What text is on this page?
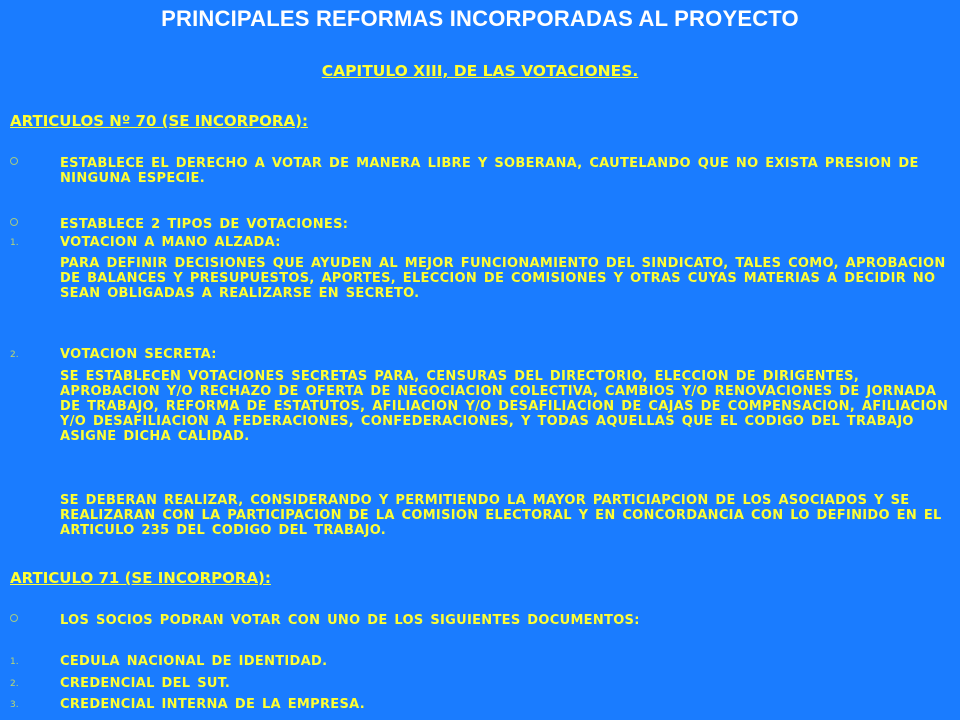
PRINCIPALES REFORMAS INCORPORADAS AL PROYECTO
CAPITULO XIII, DE LAS VOTACIONES.
ARTICULOS Nº 70 (SE INCORPORA):
ESTABLECE EL DERECHO A VOTAR DE MANERA LIBRE Y SOBERANA, CAUTELANDO QUE NO EXISTA PRESION DE NINGUNA ESPECIE.
ESTABLECE 2 TIPOS DE VOTACIONES:
1.	VOTACION A MANO ALZADA:
PARA DEFINIR DECISIONES QUE AYUDEN AL MEJOR FUNCIONAMIENTO DEL SINDICATO, TALES COMO, APROBACION DE BALANCES Y PRESUPUESTOS, APORTES, ELECCION DE COMISIONES Y OTRAS CUYAS MATERIAS A DECIDIR NO SEAN OBLIGADAS A REALIZARSE EN SECRETO.
2.	VOTACION SECRETA:
SE ESTABLECEN VOTACIONES SECRETAS PARA, CENSURAS DEL DIRECTORIO, ELECCION DE DIRIGENTES, APROBACION Y/O RECHAZO DE OFERTA DE NEGOCIACION COLECTIVA, CAMBIOS Y/O RENOVACIONES DE JORNADA DE TRABAJO, REFORMA DE ESTATUTOS, AFILIACION Y/O DESAFILIACION DE CAJAS DE COMPENSACION, AFILIACION Y/O DESAFILIACION A FEDERACIONES, CONFEDERACIONES, Y TODAS AQUELLAS QUE EL CODIGO DEL TRABAJO ASIGNE DICHA CALIDAD.
SE DEBERAN REALIZAR, CONSIDERANDO Y PERMITIENDO LA MAYOR PARTICIAPCION DE LOS ASOCIADOS Y SE REALIZARAN CON LA PARTICIPACION DE LA COMISION ELECTORAL Y EN CONCORDANCIA CON LO DEFINIDO EN EL ARTICULO 235 DEL CODIGO DEL TRABAJO.
ARTICULO 71 (SE INCORPORA):
LOS SOCIOS PODRAN VOTAR CON UNO DE LOS SIGUIENTES DOCUMENTOS:
1.	CEDULA NACIONAL DE IDENTIDAD.
2.	CREDENCIAL DEL SUT.
3.	CREDENCIAL INTERNA DE LA EMPRESA.
